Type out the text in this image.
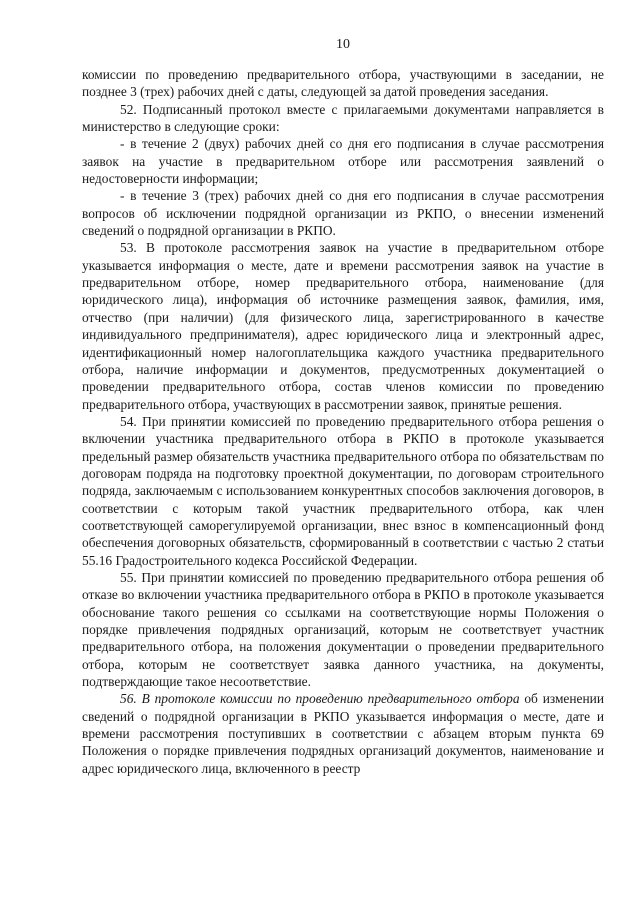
10

комиссии по проведению предварительного отбора, участвующими в заседании, не позднее 3 (трех) рабочих дней с даты, следующей за датой проведения заседания.

52. Подписанный протокол вместе с прилагаемыми документами направляется в министерство в следующие сроки:

- в течение 2 (двух) рабочих дней со дня его подписания в случае рассмотрения заявок на участие в предварительном отборе или рассмотрения заявлений о недостоверности информации;

- в течение 3 (трех) рабочих дней со дня его подписания в случае рассмотрения вопросов об исключении подрядной организации из РКПО, о внесении изменений сведений о подрядной организации в РКПО.

53. В протоколе рассмотрения заявок на участие в предварительном отборе указывается информация о месте, дате и времени рассмотрения заявок на участие в предварительном отборе, номер предварительного отбора, наименование (для юридического лица), информация об источнике размещения заявок, фамилия, имя, отчество (при наличии) (для физического лица, зарегистрированного в качестве индивидуального предпринимателя), адрес юридического лица и электронный адрес, идентификационный номер налогоплательщика каждого участника предварительного отбора, наличие информации и документов, предусмотренных документацией о проведении предварительного отбора, состав членов комиссии по проведению предварительного отбора, участвующих в рассмотрении заявок, принятые решения.

54. При принятии комиссией по проведению предварительного отбора решения о включении участника предварительного отбора в РКПО в протоколе указывается предельный размер обязательств участника предварительного отбора по обязательствам по договорам подряда на подготовку проектной документации, по договорам строительного подряда, заключаемым с использованием конкурентных способов заключения договоров, в соответствии с которым такой участник предварительного отбора, как член соответствующей саморегулируемой организации, внес взнос в компенсационный фонд обеспечения договорных обязательств, сформированный в соответствии с частью 2 статьи 55.16 Градостроительного кодекса Российской Федерации.

55. При принятии комиссией по проведению предварительного отбора решения об отказе во включении участника предварительного отбора в РКПО в протоколе указывается обоснование такого решения со ссылками на соответствующие нормы Положения о порядке привлечения подрядных организаций, которым не соответствует участник предварительного отбора, на положения документации о проведении предварительного отбора, которым не соответствует заявка данного участника, на документы, подтверждающие такое несоответствие.

56. В протоколе комиссии по проведению предварительного отбора об изменении сведений о подрядной организации в РКПО указывается информация о месте, дате и времени рассмотрения поступивших в соответствии с абзацем вторым пункта 69 Положения о порядке привлечения подрядных организаций документов, наименование и адрес юридического лица, включенного в реестр
